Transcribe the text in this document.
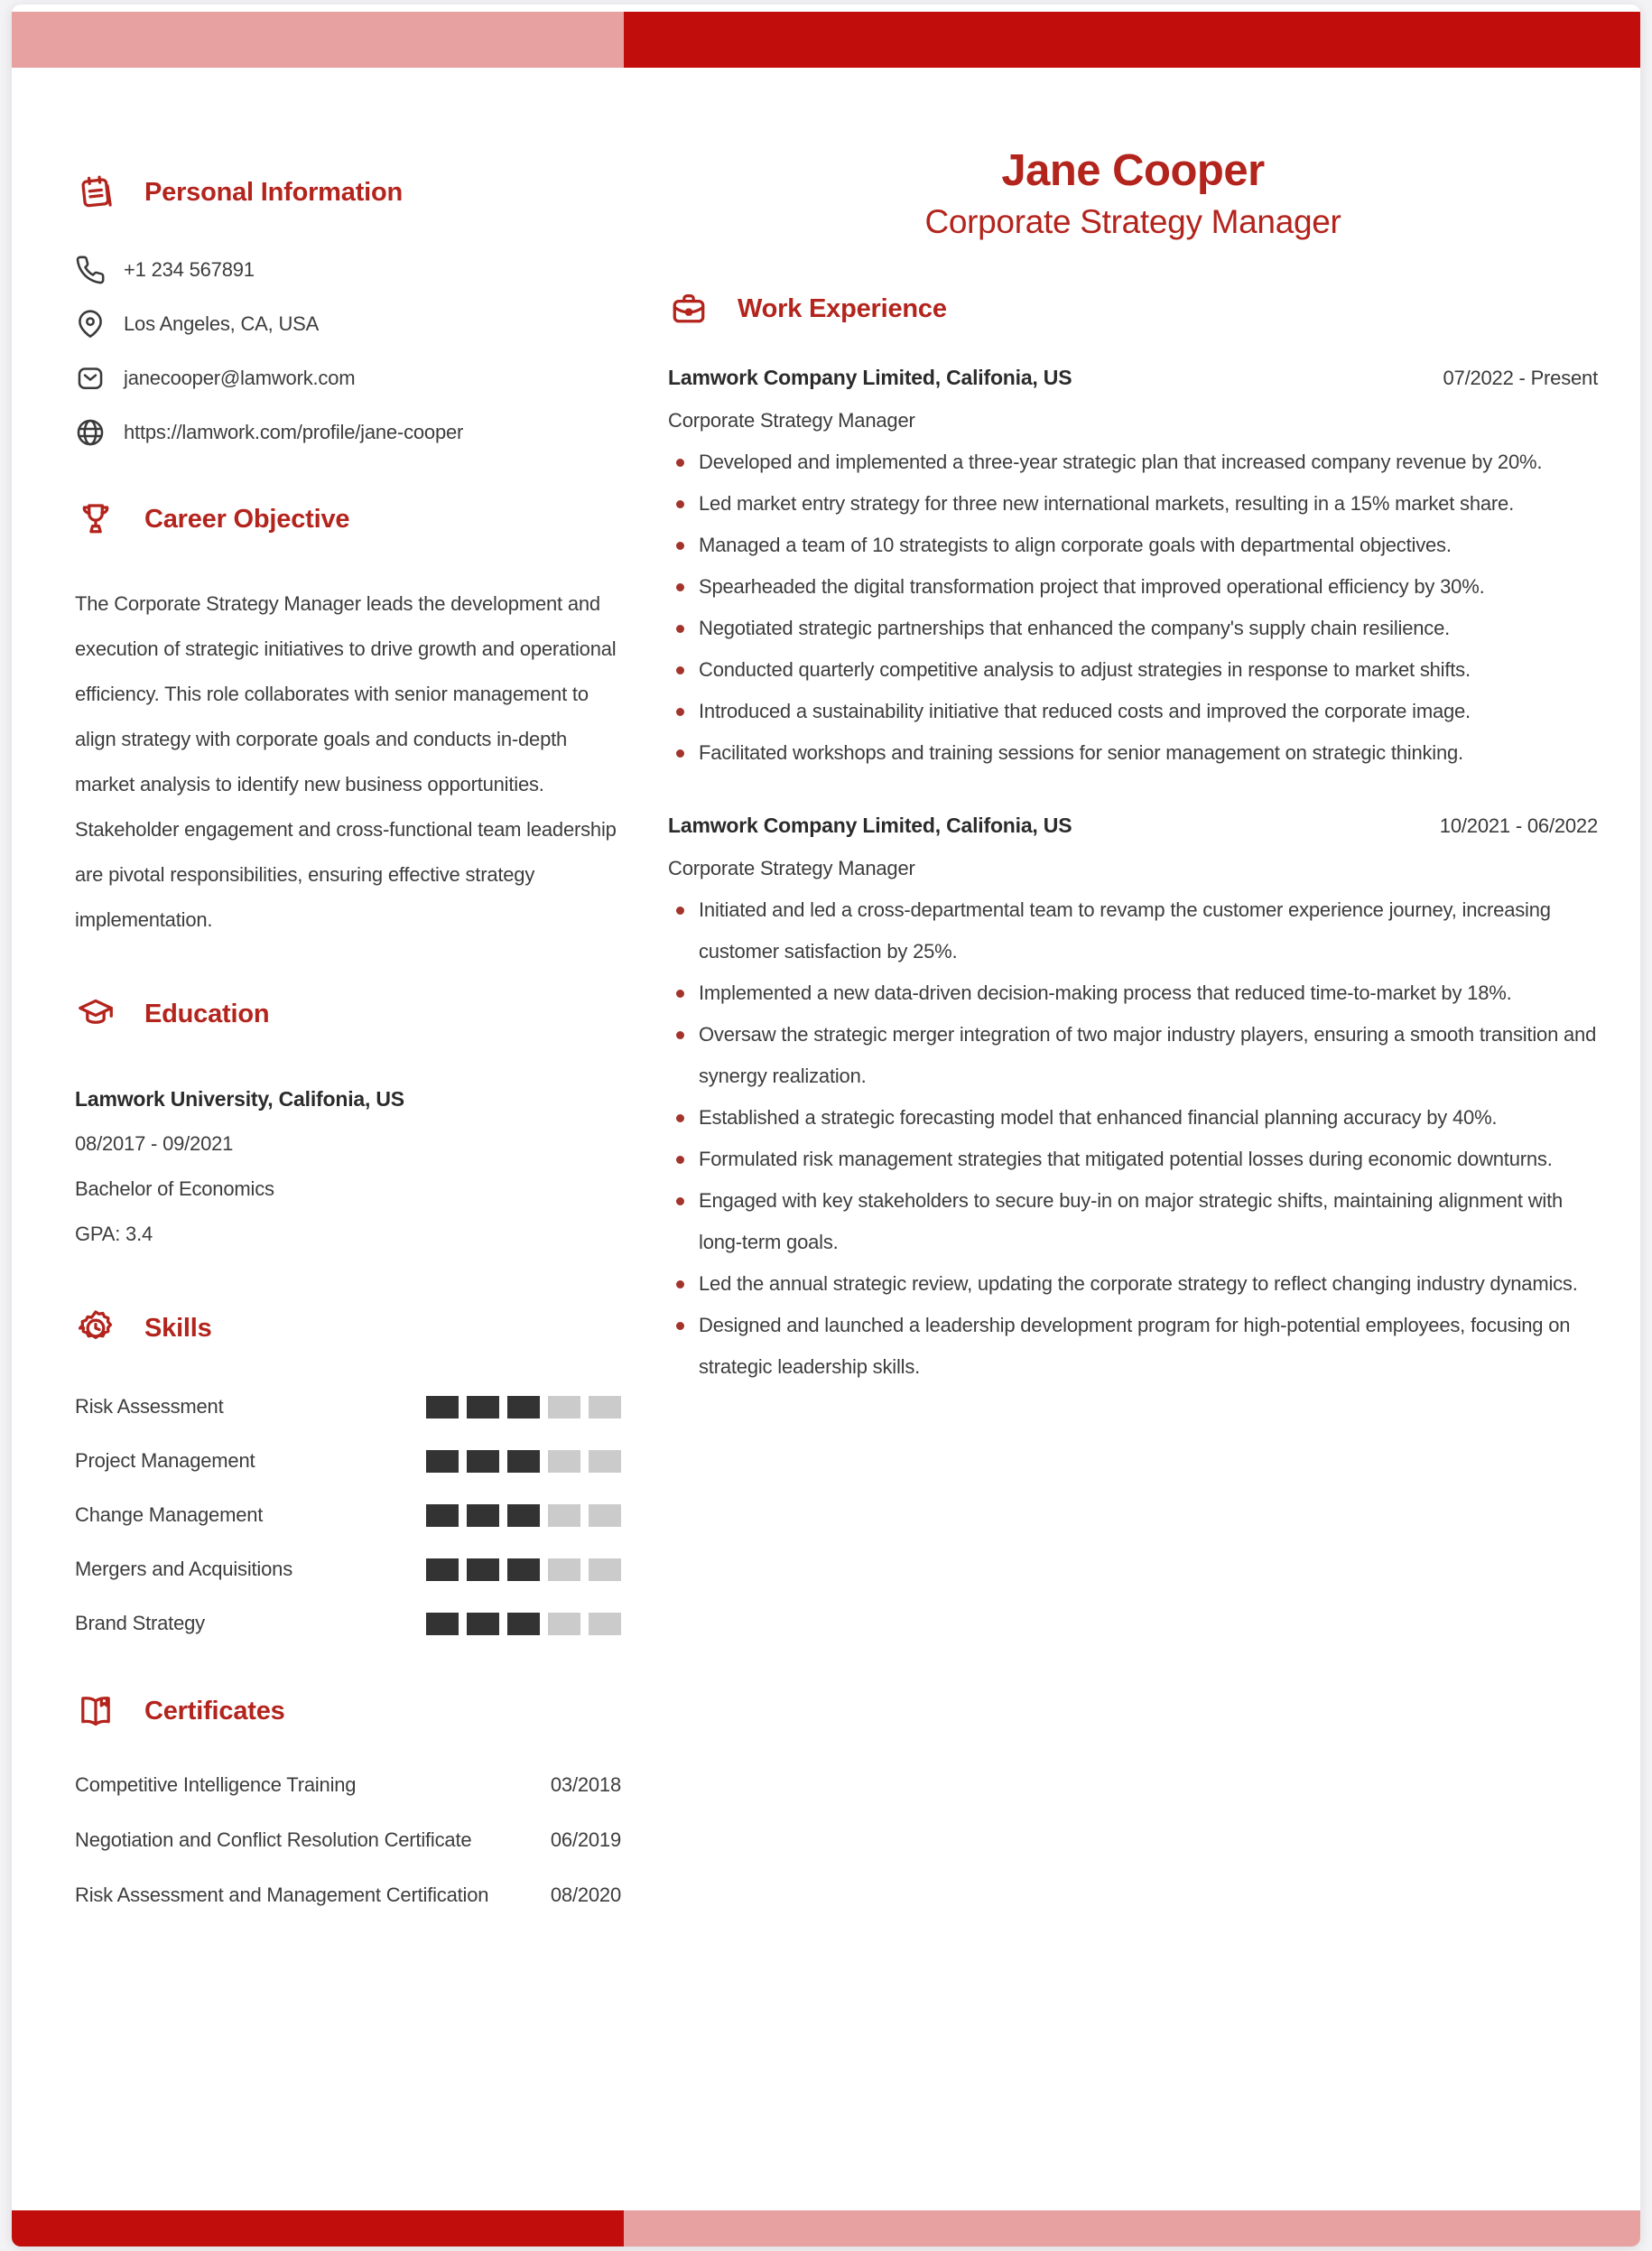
Personal Information
+1 234 567891
Los Angeles, CA, USA
janecooper@lamwork.com
https://lamwork.com/profile/jane-cooper
Career Objective

The Corporate Strategy Manager leads the development and execution of strategic initiatives to drive growth and operational efficiency. This role collaborates with senior management to align strategy with corporate goals and conducts in-depth market analysis to identify new business opportunities. Stakeholder engagement and cross-functional team leadership are pivotal responsibilities, ensuring effective strategy implementation.

Education
Lamwork University, Califonia, US
08/2017 - 09/2021
Bachelor of Economics
GPA: 3.4
Skills
Risk Assessment
Project Management
Change Management
Mergers and Acquisitions
Brand Strategy
Certificates
Competitive Intelligence Training	03/2018
Negotiation and Conflict Resolution Certificate	06/2019
Risk Assessment and Management Certification	08/2020
Jane Cooper
Corporate Strategy Manager
Work Experience
Lamwork Company Limited, Califonia, US	07/2022 - Present
Corporate Strategy Manager
Developed and implemented a three-year strategic plan that increased company revenue by 20%.
Led market entry strategy for three new international markets, resulting in a 15% market share.
Managed a team of 10 strategists to align corporate goals with departmental objectives.
Spearheaded the digital transformation project that improved operational efficiency by 30%.
Negotiated strategic partnerships that enhanced the company's supply chain resilience.
Conducted quarterly competitive analysis to adjust strategies in response to market shifts.
Introduced a sustainability initiative that reduced costs and improved the corporate image.
Facilitated workshops and training sessions for senior management on strategic thinking.
Lamwork Company Limited, Califonia, US	10/2021 - 06/2022
Corporate Strategy Manager
Initiated and led a cross-departmental team to revamp the customer experience journey, increasing customer satisfaction by 25%.
Implemented a new data-driven decision-making process that reduced time-to-market by 18%.
Oversaw the strategic merger integration of two major industry players, ensuring a smooth transition and synergy realization.
Established a strategic forecasting model that enhanced financial planning accuracy by 40%.
Formulated risk management strategies that mitigated potential losses during economic downturns.
Engaged with key stakeholders to secure buy-in on major strategic shifts, maintaining alignment with long-term goals.
Led the annual strategic review, updating the corporate strategy to reflect changing industry dynamics.
Designed and launched a leadership development program for high-potential employees, focusing on strategic leadership skills.
